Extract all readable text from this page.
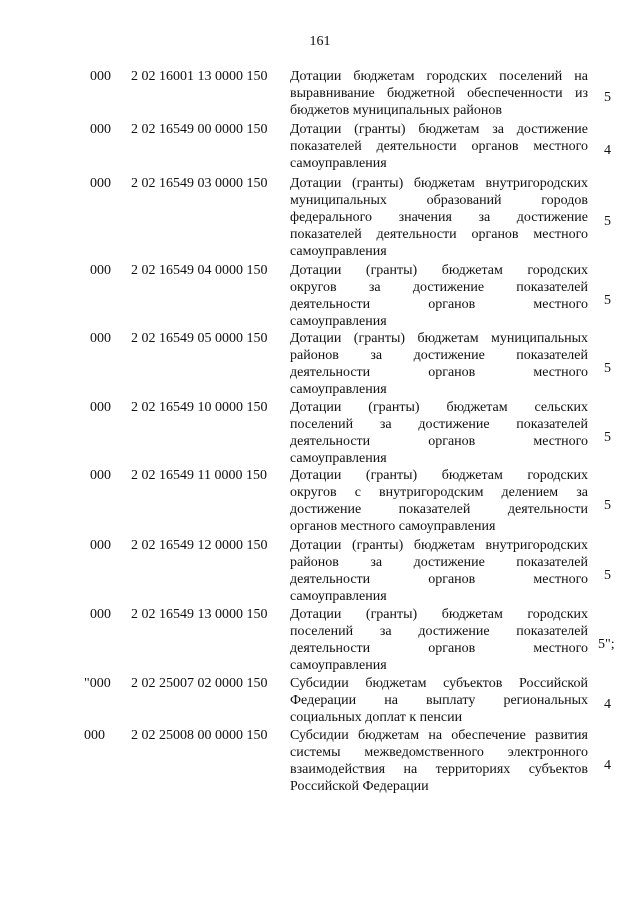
161
000 2 02 16001 13 0000 150 Дотации бюджетам городских поселений на
выравнивание бюджетной обеспеченности из
бюджетов муниципальных районов
5
000 2 02 16549 00 0000 150 Дотации (гранты) бюджетам за достижение
показателей деятельности органов местного
самоуправления
4
000 2 02 16549 03 0000 150 Дотации (гранты) бюджетам внутригородских
муниципальных образований городов
федерального значения за достижение
показателей деятельности органов местного
самоуправления
5
000 2 02 16549 04 0000 150 Дотации (гранты) бюджетам городских
округов за достижение показателей
деятельности органов местного
самоуправления
5
000 2 02 16549 05 0000 150 Дотации (гранты) бюджетам муниципальных
районов за достижение показателей
деятельности органов местного
самоуправления
5
000 2 02 16549 10 0000 150 Дотации (гранты) бюджетам сельских
поселений за достижение показателей
деятельности органов местного
самоуправления
5
000 2 02 16549 11 0000 150 Дотации (гранты) бюджетам городских
округов с внутригородским делением за
достижение показателей деятельности
органов местного самоуправления
5
000 2 02 16549 12 0000 150 Дотации (гранты) бюджетам внутригородских
районов за достижение показателей
деятельности органов местного
самоуправления
5
000 2 02 16549 13 0000 150 Дотации (гранты) бюджетам городских
поселений за достижение показателей
деятельности органов местного
самоуправления
5";
"000 2 02 25007 02 0000 150 Субсидии бюджетам субъектов Российской
Федерации на выплату региональных
социальных доплат к пенсии
4
000 2 02 25008 00 0000 150 Субсидии бюджетам на обеспечение развития
системы межведомственного электронного
взаимодействия на территориях субъектов
Российской Федерации
4
